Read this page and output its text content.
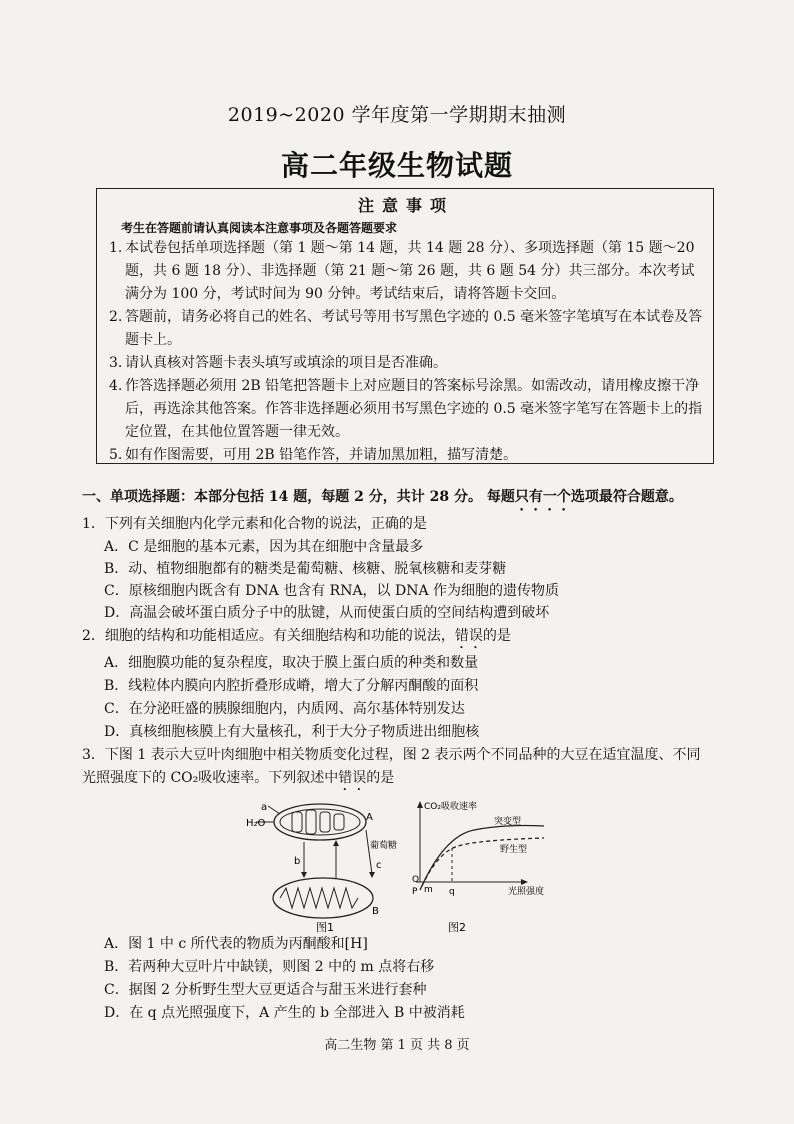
2019~2020 学年度第一学期期末抽测
高二年级生物试题
注意事项
考生在答题前请认真阅读本注意事项及各题答题要求
1. 本试卷包括单项选择题（第 1 题～第 14 题，共 14 题 28 分）、多项选择题（第 15 题～20 题，共 6 题 18 分）、非选择题（第 21 题～第 26 题，共 6 题 54 分）共三部分。本次考试满分为 100 分，考试时间为 90 分钟。考试结束后，请将答题卡交回。
2. 答题前，请务必将自己的姓名、考试号等用书写黑色字迹的 0.5 毫米签字笔填写在本试卷及答题卡上。
3. 请认真核对答题卡表头填写或填涂的项目是否准确。
4. 作答选择题必须用 2B 铅笔把答题卡上对应题目的答案标号涂黑。如需改动，请用橡皮擦干净后，再选涂其他答案。作答非选择题必须用书写黑色字迹的 0.5 毫米签字笔写在答题卡上的指定位置，在其他位置答题一律无效。
5. 如有作图需要，可用 2B 铅笔作答，并请加黑加粗，描写清楚。
一、单项选择题：本部分包括 14 题，每题 2 分，共计 28 分。 每题只有一个选项最符合题意。
1．下列有关细胞内化学元素和化合物的说法，正确的是
A．C 是细胞的基本元素，因为其在细胞中含量最多
B．动、植物细胞都有的糖类是葡萄糖、核糖、脱氧核糖和麦芽糖
C．原核细胞内既含有 DNA 也含有 RNA，以 DNA 作为细胞的遗传物质
D．高温会破坏蛋白质分子中的肽键，从而使蛋白质的空间结构遭到破坏
2．细胞的结构和功能相适应。有关细胞结构和功能的说法，错误的是
A．细胞膜功能的复杂程度，取决于膜上蛋白质的种类和数量
B．线粒体内膜向内腔折叠形成嵴，增大了分解丙酮酸的面积
C．在分泌旺盛的胰腺细胞内，内质网、高尔基体特别发达
D．真核细胞核膜上有大量核孔，利于大分子物质进出细胞核
3．下图 1 表示大豆叶肉细胞中相关物质变化过程，图 2 表示两个不同品种的大豆在适宜温度、不同
光照强度下的 CO₂吸收速率。下列叙述中错误的是
a
H₂O
A
葡萄糖
b	c
B
图1
CO₂吸收速率
突变型
野生型
O
P m q	光照强度
图2
A．图 1 中 c 所代表的物质为丙酮酸和[H]
B．若两种大豆叶片中缺镁，则图 2 中的 m 点将右移
C．据图 2 分析野生型大豆更适合与甜玉米进行套种
D．在 q 点光照强度下，A 产生的 b 全部进入 B 中被消耗
高二生物 第 1 页 共 8 页
